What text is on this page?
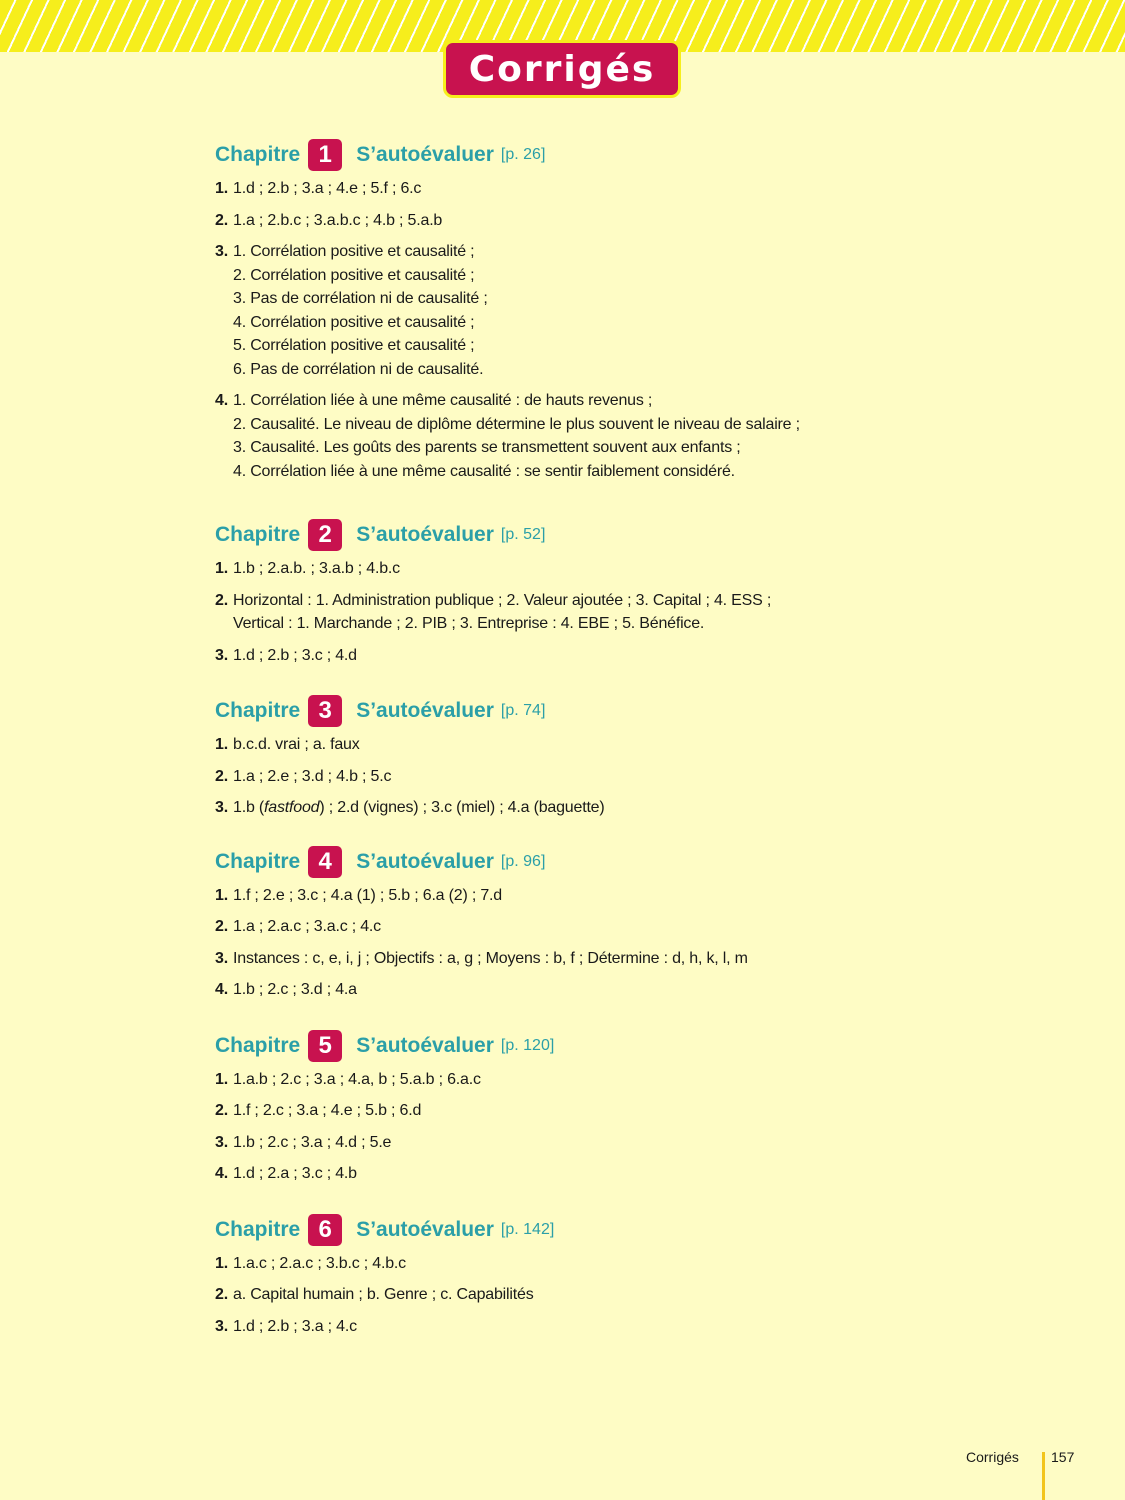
Corrigés
Chapitre 1	S’autoévaluer [p. 26]
1. 1.d ; 2.b ; 3.a ; 4.e ; 5.f ; 6.c
2. 1.a ; 2.b.c ; 3.a.b.c ; 4.b ; 5.a.b
3. 1. Corrélation positive et causalité ;
2. Corrélation positive et causalité ;
3. Pas de corrélation ni de causalité ;
4. Corrélation positive et causalité ;
5. Corrélation positive et causalité ;
6. Pas de corrélation ni de causalité.
4. 1. Corrélation liée à une même causalité : de hauts revenus ;
2. Causalité. Le niveau de diplôme détermine le plus souvent le niveau de salaire ;
3. Causalité. Les goûts des parents se transmettent souvent aux enfants ;
4. Corrélation liée à une même causalité : se sentir faiblement considéré.
Chapitre 2	S’autoévaluer [p. 52]
1. 1.b ; 2.a.b. ; 3.a.b ; 4.b.c
2. Horizontal : 1. Administration publique ; 2. Valeur ajoutée ; 3. Capital ; 4. ESS ;
Vertical : 1. Marchande ; 2. PIB ; 3. Entreprise : 4. EBE ; 5. Bénéfice.
3. 1.d ; 2.b ; 3.c ; 4.d
Chapitre 3	S’autoévaluer [p. 74]
1. b.c.d. vrai ; a. faux
2. 1.a ; 2.e ; 3.d ; 4.b ; 5.c
3. 1.b (fastfood) ; 2.d (vignes) ; 3.c (miel) ; 4.a (baguette)
Chapitre 4	S’autoévaluer [p. 96]
1. 1.f ; 2.e ; 3.c ; 4.a (1) ; 5.b ; 6.a (2) ; 7.d
2. 1.a ; 2.a.c ; 3.a.c ; 4.c
3. Instances : c, e, i, j ; Objectifs : a, g ; Moyens : b, f ; Détermine : d, h, k, l, m
4. 1.b ; 2.c ; 3.d ; 4.a
Chapitre 5	S’autoévaluer [p. 120]
1. 1.a.b ; 2.c ; 3.a ; 4.a, b ; 5.a.b ; 6.a.c
2. 1.f ; 2.c ; 3.a ; 4.e ; 5.b ; 6.d
3. 1.b ; 2.c ; 3.a ; 4.d ; 5.e
4. 1.d ; 2.a ; 3.c ; 4.b
Chapitre 6	S’autoévaluer [p. 142]
1. 1.a.c ; 2.a.c ; 3.b.c ; 4.b.c
2. a. Capital humain ; b. Genre ; c. Capabilités
3. 1.d ; 2.b ; 3.a ; 4.c
Corrigés 157
